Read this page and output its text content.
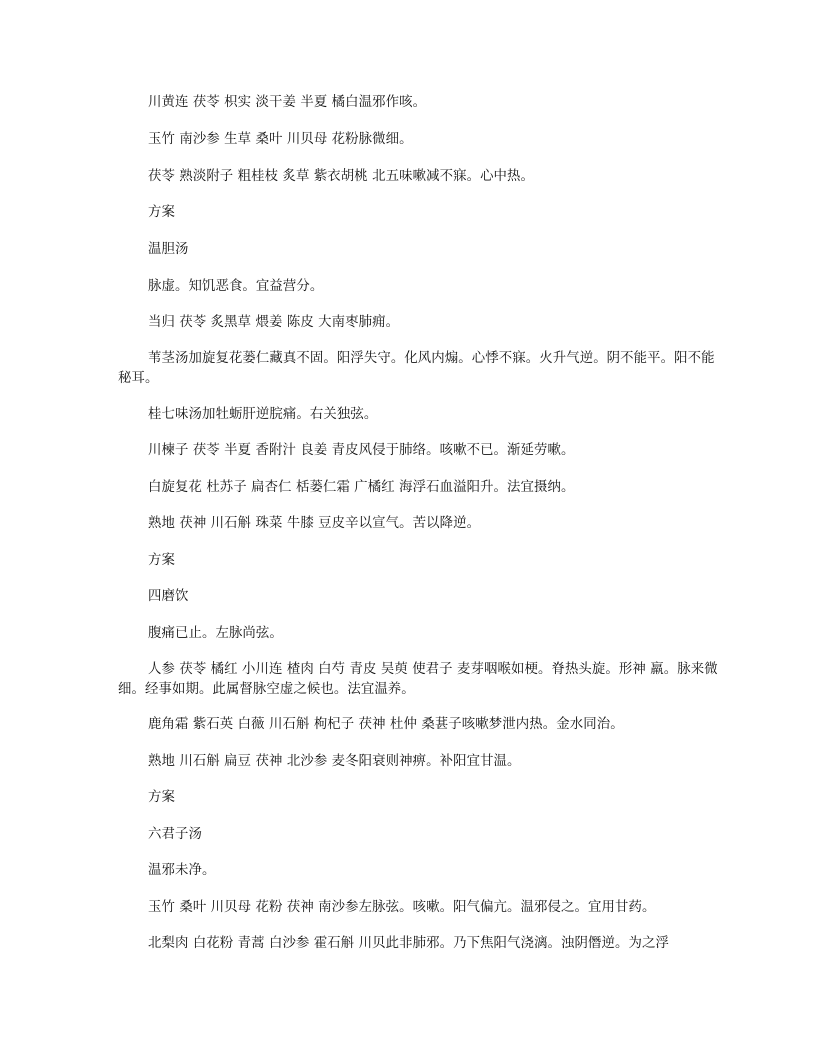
川黄连 茯苓 枳实 淡干姜 半夏 橘白温邪作咳。

玉竹 南沙参 生草 桑叶 川贝母 花粉脉微细。

茯苓 熟淡附子 粗桂枝 炙草 紫衣胡桃 北五味嗽减不寐。心中热。

方案

温胆汤

脉虚。知饥恶食。宜益营分。

当归 茯苓 炙黑草 煨姜 陈皮 大南枣肺痈。

苇茎汤加旋复花蒌仁藏真不固。阳浮失守。化风内煽。心悸不寐。火升气逆。阴不能平。阳不能秘耳。

桂七味汤加牡蛎肝逆脘痛。右关独弦。

川楝子 茯苓 半夏 香附汁 良姜 青皮风侵于肺络。咳嗽不已。渐延劳嗽。

白旋复花 杜苏子 扁杏仁 栝蒌仁霜 广橘红 海浮石血溢阳升。法宜摄纳。

熟地 茯神 川石斛 珠菜 牛膝 豆皮辛以宣气。苦以降逆。

方案

四磨饮

腹痛已止。左脉尚弦。

人参 茯苓 橘红 小川连 楂肉 白芍 青皮 吴萸 使君子 麦芽咽喉如梗。脊热头旋。形神 羸。脉来微细。经事如期。此属督脉空虚之候也。法宜温养。

鹿角霜 紫石英 白薇 川石斛 枸杞子 茯神 杜仲 桑葚子咳嗽梦泄内热。金水同治。

熟地 川石斛 扁豆 茯神 北沙参 麦冬阳衰则神痹。补阳宜甘温。

方案

六君子汤

温邪未净。

玉竹 桑叶 川贝母 花粉 茯神 南沙参左脉弦。咳嗽。阳气偏亢。温邪侵之。宜用甘药。

北梨肉 白花粉 青蒿 白沙参 霍石斛 川贝此非肺邪。乃下焦阳气浇漓。浊阴僭逆。为之浮
